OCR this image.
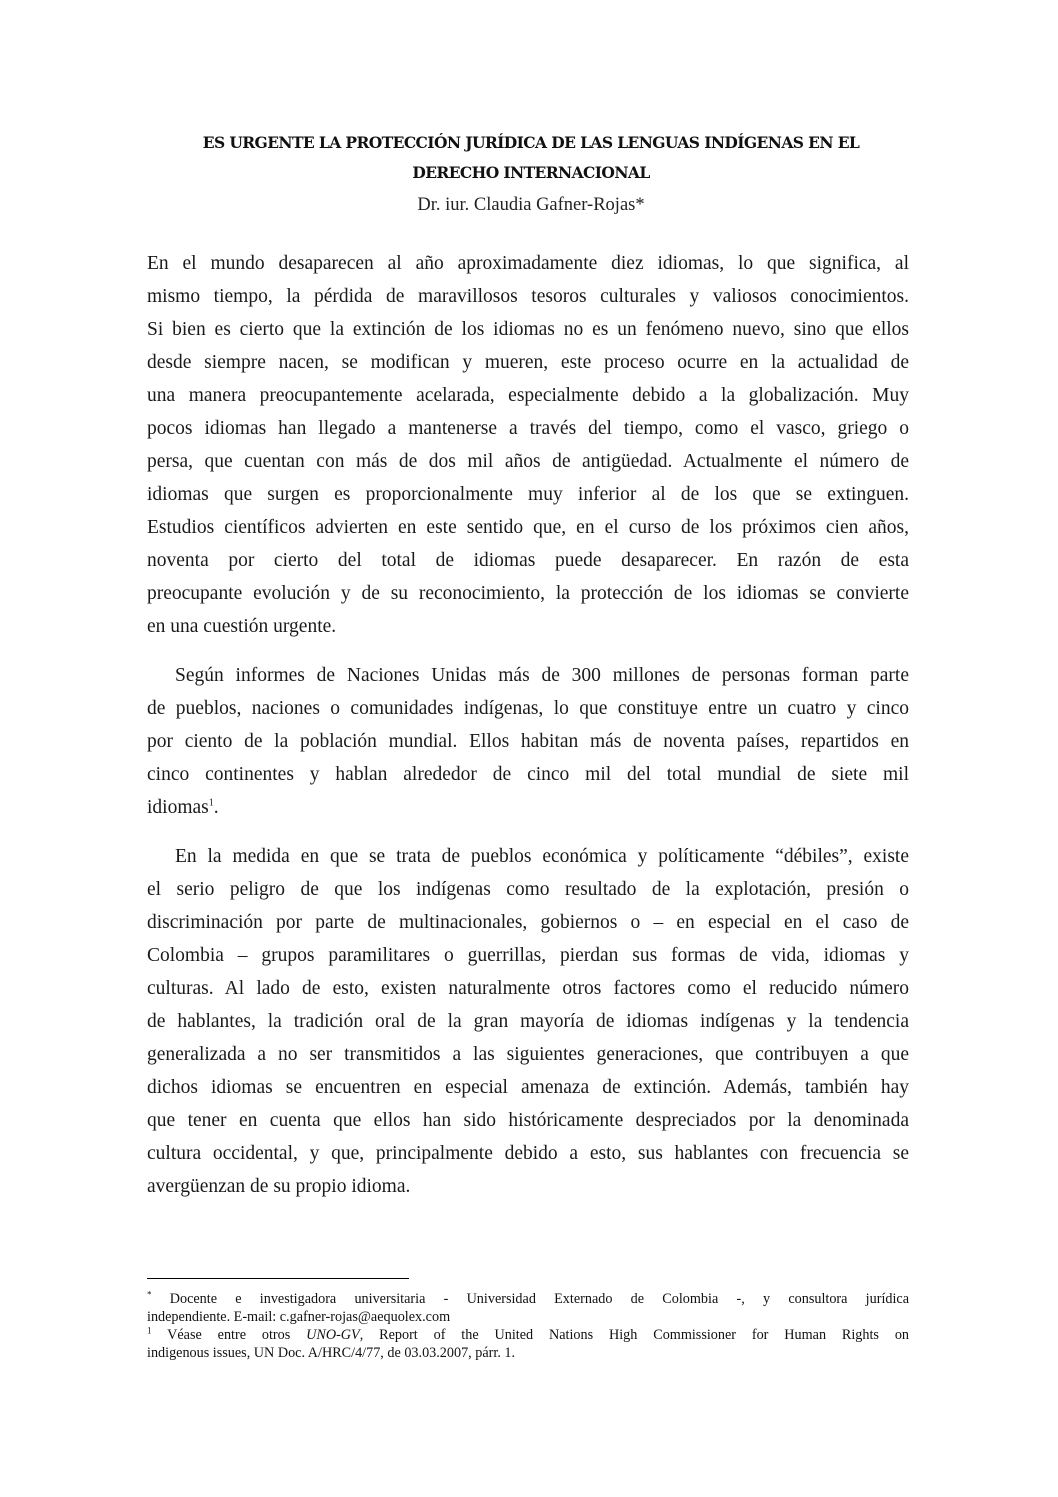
ES URGENTE LA PROTECCIÓN JURÍDICA DE LAS LENGUAS INDÍGENAS EN EL
DERECHO INTERNACIONAL
Dr. iur. Claudia Gafner-Rojas*
En el mundo desaparecen al año aproximadamente diez idiomas, lo que significa, al
mismo tiempo, la pérdida de maravillosos tesoros culturales y valiosos conocimientos.
Si bien es cierto que la extinción de los idiomas no es un fenómeno nuevo, sino que ellos
desde siempre nacen, se modifican y mueren, este proceso ocurre en la actualidad de
una manera preocupantemente acelarada, especialmente debido a la globalización. Muy
pocos idiomas han llegado a mantenerse a través del tiempo, como el vasco, griego o
persa, que cuentan con más de dos mil años de antigüedad. Actualmente el número de
idiomas que surgen es proporcionalmente muy inferior al de los que se extinguen.
Estudios científicos advierten en este sentido que, en el curso de los próximos cien años,
noventa por cierto del total de idiomas puede desaparecer. En razón de esta
preocupante evolución y de su reconocimiento, la protección de los idiomas se convierte
en una cuestión urgente.
Según informes de Naciones Unidas más de 300 millones de personas forman parte
de pueblos, naciones o comunidades indígenas, lo que constituye entre un cuatro y cinco
por ciento de la población mundial. Ellos habitan más de noventa países, repartidos en
cinco continentes y hablan alrededor de cinco mil del total mundial de siete mil
idiomas$^1$.
En la medida en que se trata de pueblos económica y políticamente “débiles”, existe
el serio peligro de que los indígenas como resultado de la explotación, presión o
discriminación por parte de multinacionales, gobiernos o – en especial en el caso de
Colombia – grupos paramilitares o guerrillas, pierdan sus formas de vida, idiomas y
culturas. Al lado de esto, existen naturalmente otros factores como el reducido número
de hablantes, la tradición oral de la gran mayoría de idiomas indígenas y la tendencia
generalizada a no ser transmitidos a las siguientes generaciones, que contribuyen a que
dichos idiomas se encuentren en especial amenaza de extinción. Además, también hay
que tener en cuenta que ellos han sido históricamente despreciados por la denominada
cultura occidental, y que, principalmente debido a esto, sus hablantes con frecuencia se
avergüenzan de su propio idioma.
* Docente e investigadora universitaria - Universidad Externado de Colombia -, y consultora jurídica
independiente. E-mail: c.gafner-rojas@aequolex.com
$^1$ Véase entre otros UNO-GV, Report of the United Nations High Commissioner for Human Rights on
indigenous issues, UN Doc. A/HRC/4/77, de 03.03.2007, párr. 1.
